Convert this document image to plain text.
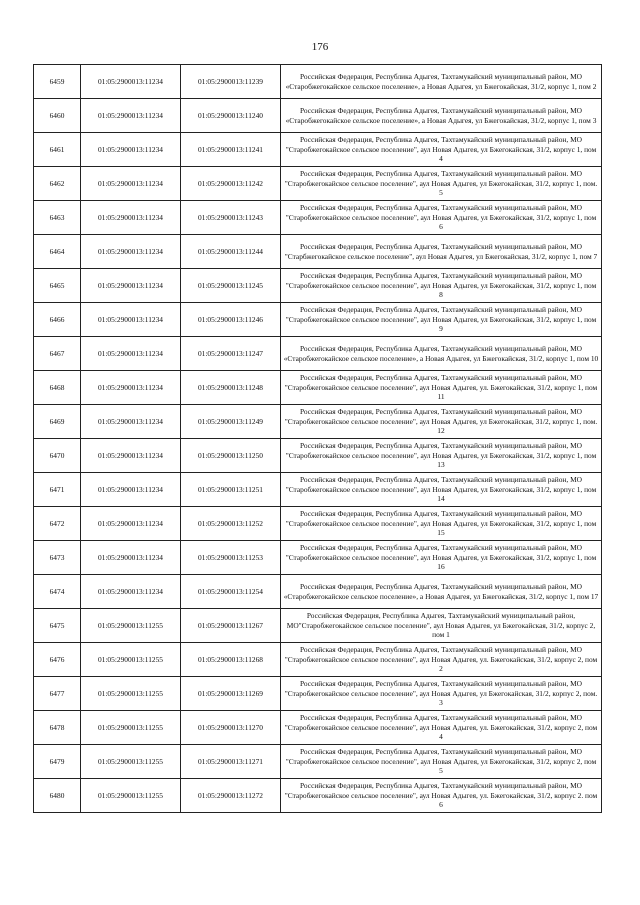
176
6459	01:05:2900013:11234	01:05:2900013:11239	Российская Федерация, Республика Адыгея, Тахтамукайский муниципальный район, МО «Старобжегокайское сельское поселение», а Новая Адыгея, ул Бжегокайская, 31/2, корпус 1, пом 2
6460	01:05:2900013:11234	01:05:2900013:11240	Российская Федерация, Республика Адыгея, Тахтамукайский муниципальный район, МО «Старобжегокайское сельское поселение», а Новая Адыгея, ул Бжегокайская, 31/2, корпус 1, пом 3
6461	01:05:2900013:11234	01:05:2900013:11241	Российская Федерация, Республика Адыгея, Тахтамукайский муниципальный район, МО "Старобжегокайское сельское поселение", аул Новая Адыгея, ул Бжегокайская, 31/2, корпус 1, пом 4
6462	01:05:2900013:11234	01:05:2900013:11242	Российская Федерация, Республика Адыгея, Тахтамукайский муниципальный район. МО "Старобжегокайское сельское поселение", аул Новая Адыгея, ул Бжегокайская, 31/2, корпус 1, пом. 5
6463	01:05:2900013:11234	01:05:2900013:11243	Российская Федерация, Республика Адыгея, Тахтамукайский муниципальный район, МО "Старобжегокайское сельское поселение", аул Новая Адыгея, ул Бжегокайская, 31/2, корпус 1, пом 6
6464	01:05:2900013:11234	01:05:2900013:11244	Российская Федерация, Республика Адыгея, Тахтамукайский муниципальный район, МО "Старбжегокайское сельское поселение", аул Новая Адыгея, ул Бжегокайская, 31/2, корпус 1, пом 7
6465	01:05:2900013:11234	01:05:2900013:11245	Российская Федерация, Республика Адыгея, Тахтамукайский муниципальный район, МО "Старобжегокайское сельское поселение", аул Новая Адыгея, ул Бжегокайская, 31/2, корпус 1, пом 8
6466	01:05:2900013:11234	01:05:2900013:11246	Российская Федерация, Республика Адыгея, Тахтамукайский муниципальный район, МО "Старобжегокайское сельское поселение", аул Новая Адыгея, ул Бжегокайская, 31/2, корпус 1, пом 9
6467	01:05:2900013:11234	01:05:2900013:11247	Российская Федерация, Республика Адыгея, Тахтамукайский муниципальный район, МО «Старобжегокайское сельское поселение», а Новая Адыгея, ул Бжегокайская, 31/2, корпус 1, пом 10
6468	01:05:2900013:11234	01:05:2900013:11248	Российская Федерация, Республика Адыгея, Тахтамукайский муниципальный район, МО "Старобжегокайское сельское поселение", аул Новая Адыгея, ул. Бжегокайская, 31/2, корпус 1, пом 11
6469	01:05:2900013:11234	01:05:2900013:11249	Российская Федерация, Республика Адыгея, Тахтамукайский муниципальный район, МО "Старобжегокайское сельское поселение", аул Новая Адыгея, ул Бжегокайская, 31/2, корпус 1, пом. 12
6470	01:05:2900013:11234	01:05:2900013:11250	Российская Федерация, Республика Адыгея, Тахтамукайский муниципальный район, МО "Старобжегокайское сельское поселение", аул Новая Адыгея, ул Бжегокайская, 31/2, корпус 1, пом 13
6471	01:05:2900013:11234	01:05:2900013:11251	Российская Федерация, Республика Адыгея, Тахтамукайский муниципальный район, МО "Старобжегокайское сельское поселение", аул Новая Адыгея, ул Бжегокайская, 31/2, корпус 1, пом 14
6472	01:05:2900013:11234	01:05:2900013:11252	Российская Федерация, Республика Адыгея, Тахтамукайский муниципальный район, МО "Старобжегокайское сельское поселение", аул Новая Адыгея, ул Бжегокайская, 31/2, корпус 1, пом 15
6473	01:05:2900013:11234	01:05:2900013:11253	Российская Федерация, Республика Адыгея, Тахтамукайский муниципальный район, МО "Старобжегокайское сельское поселение", аул Новая Адыгея, ул Бжегокайская, 31/2, корпус 1, пом 16
6474	01:05:2900013:11234	01:05:2900013:11254	Российская Федерация, Республика Адыгея, Тахтамукайский муниципальный район, МО «Старобжегокайское сельское поселение», а Новая Адыгея, ул Бжегокайская, 31/2, корпус 1, пом 17
6475	01:05:2900013:11255	01:05:2900013:11267	Российская Федерация, Республика Адыгея, Тахтамукайский муниципальный район, МО"Старобжегокайское сельское поселение", аул Новая Адыгея, ул Бжегокайская, 31/2, корпус 2, пом 1
6476	01:05:2900013:11255	01:05:2900013:11268	Российская Федерация, Республика Адыгея, Тахтамукайский муниципальный район, МО "Старобжегокайское сельское поселение", аул Новая Адыгея, ул. Бжегокайская, 31/2, корпус 2, пом 2
6477	01:05:2900013:11255	01:05:2900013:11269	Российская Федерация, Республика Адыгея, Тахтамукайский муниципальный район, МО "Старобжегокайское сельское поселение", аул Новая Адыгея, ул Бжегокайская, 31/2, корпус 2, пом. 3
6478	01:05:2900013:11255	01:05:2900013:11270	Российская Федерация, Республика Адыгея, Тахтамукайский муниципальный район, МО "Старобжегокайское сельское поселение", аул Новая Адыгея, ул. Бжегокайская, 31/2, корпус 2, пом 4
6479	01:05:2900013:11255	01:05:2900013:11271	Российская Федерация, Республика Адыгея, Тахтамукайский муниципальный район, МО "Старобжегокайское сельское поселение", аул Новая Адыгея, ул Бжегокайская, 31/2, корпус 2, пом 5
6480	01:05:2900013:11255	01:05:2900013:11272	Российская Федерация, Республика Адыгея, Тахтамукайский муниципальный район, МО "Старобжегокайское сельское поселение", аул Новая Адыгея, ул. Бжегокайская, 31/2, корпус 2. пом 6
